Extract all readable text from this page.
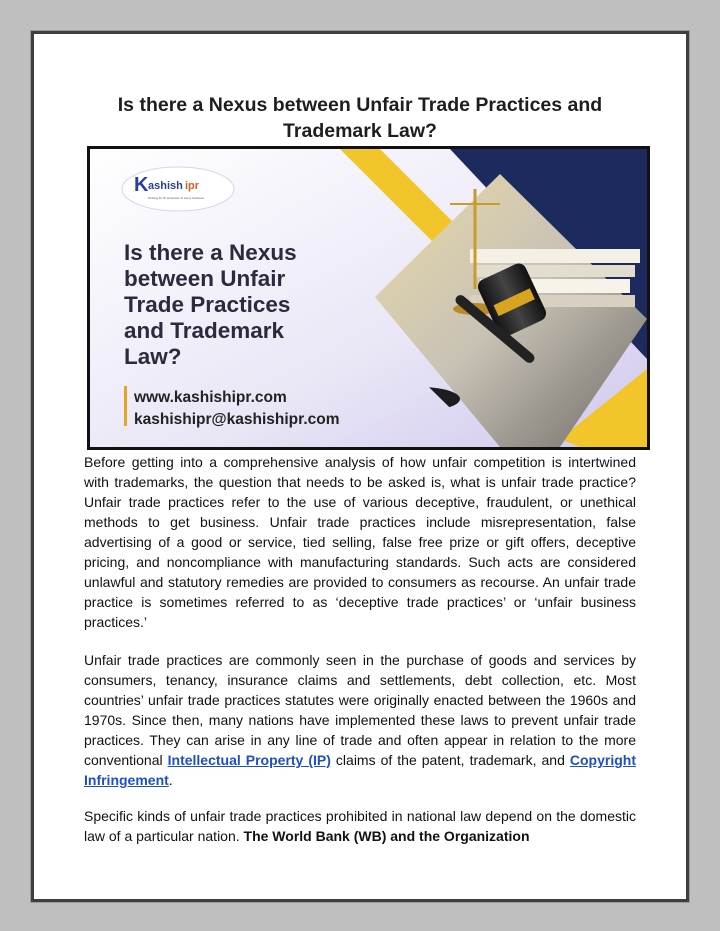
Is there a Nexus between Unfair Trade Practices and
Trademark Law?
K ashish ipr
Striving for IP protection in every business
Is there a Nexus
between Unfair
Trade Practices
and Trademark
Law?
www.kashishipr.com
kashishipr@kashishipr.com

Before getting into a comprehensive analysis of how unfair competition is intertwined with trademarks, the question that needs to be asked is, what is unfair trade practice? Unfair trade practices refer to the use of various deceptive, fraudulent, or unethical methods to get business. Unfair trade practices include misrepresentation, false advertising of a good or service, tied selling, false free prize or gift offers, deceptive pricing, and noncompliance with manufacturing standards. Such acts are considered unlawful and statutory remedies are provided to consumers as recourse. An unfair trade practice is sometimes referred to as ‘deceptive trade practices’ or ‘unfair business practices.’

Unfair trade practices are commonly seen in the purchase of goods and services by consumers, tenancy, insurance claims and settlements, debt collection, etc. Most countries’ unfair trade practices statutes were originally enacted between the 1960s and 1970s. Since then, many nations have implemented these laws to prevent unfair trade practices. They can arise in any line of trade and often appear in relation to the more conventional Intellectual Property (IP) claims of the patent, trademark, and Copyright Infringement.

Specific kinds of unfair trade practices prohibited in national law depend on the domestic law of a particular nation. The World Bank (WB) and the Organization
